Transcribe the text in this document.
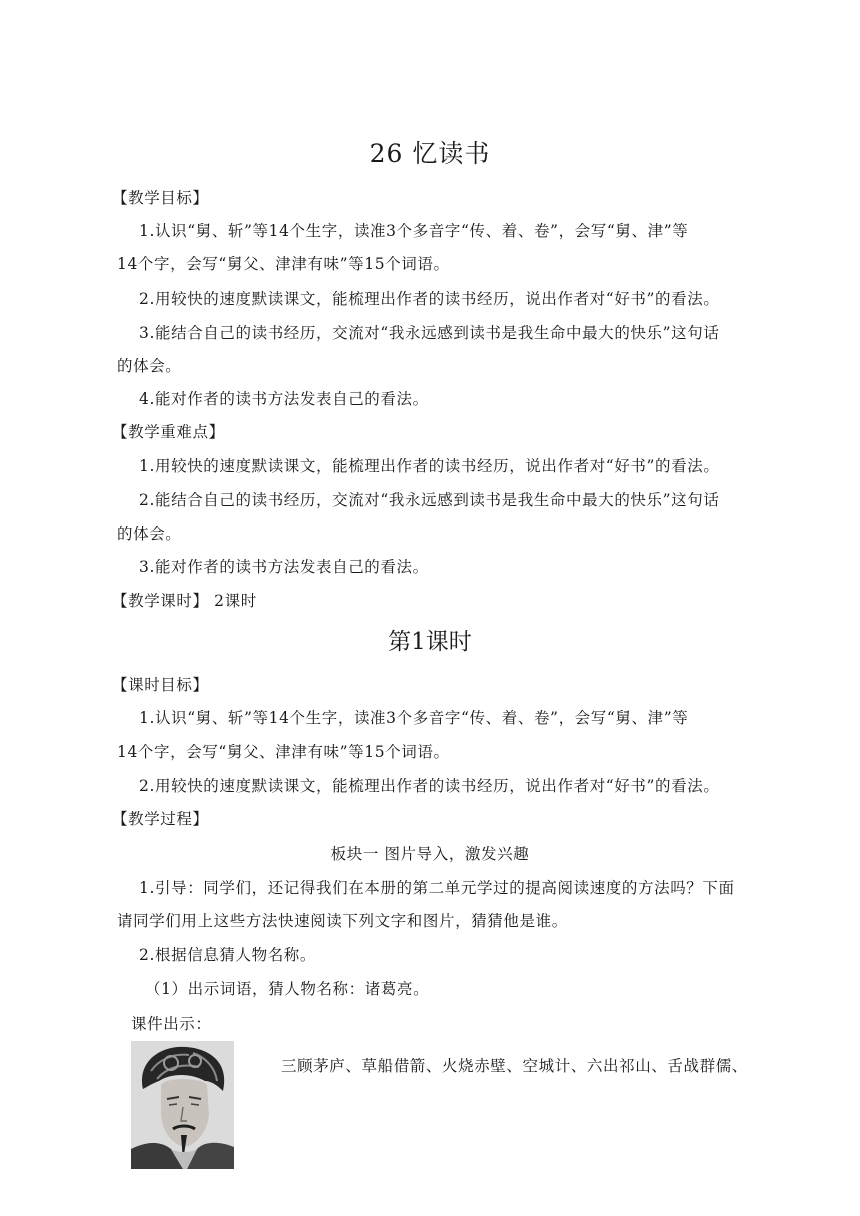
26 忆读书
【教学目标】
1.认识“舅、斩”等14个生字，读准3个多音字“传、着、卷”，会写“舅、津”等
14个字，会写“舅父、津津有味”等15个词语。
2.用较快的速度默读课文，能梳理出作者的读书经历，说出作者对“好书”的看法。
3.能结合自己的读书经历，交流对“我永远感到读书是我生命中最大的快乐”这句话
的体会。
4.能对作者的读书方法发表自己的看法。
【教学重难点】
1.用较快的速度默读课文，能梳理出作者的读书经历，说出作者对“好书”的看法。
2.能结合自己的读书经历，交流对“我永远感到读书是我生命中最大的快乐”这句话
的体会。
3.能对作者的读书方法发表自己的看法。
【教学课时】 2课时
第1课时
【课时目标】
1.认识“舅、斩”等14个生字，读准3个多音字“传、着、卷”，会写“舅、津”等
14个字，会写“舅父、津津有味”等15个词语。
2.用较快的速度默读课文，能梳理出作者的读书经历，说出作者对“好书”的看法。
【教学过程】
板块一 图片导入，激发兴趣
1.引导：同学们，还记得我们在本册的第二单元学过的提高阅读速度的方法吗？下面
请同学们用上这些方法快速阅读下列文字和图片，猜猜他是谁。
2.根据信息猜人物名称。
（1）出示词语，猜人物名称：诸葛亮。
课件出示：
三顾茅庐、草船借箭、火烧赤壁、空城计、六出祁山、舌战群儒、
